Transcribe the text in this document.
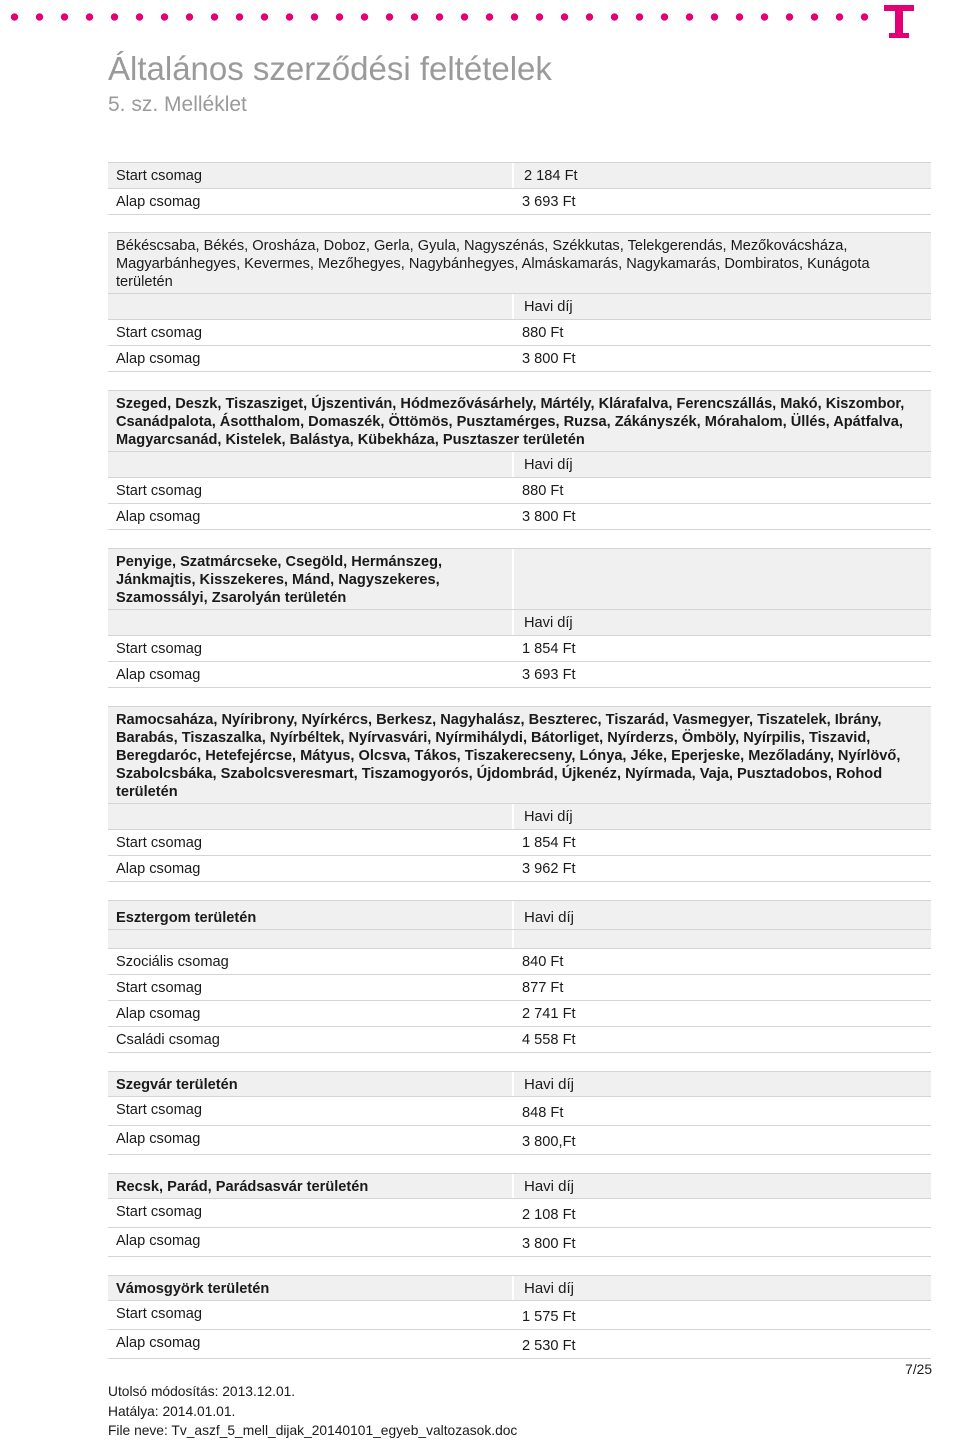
Általános szerződési feltételek
5. sz. Melléklet
Start csomag	2 184 Ft
Alap csomag	3 693 Ft
Békéscsaba, Békés, Orosháza, Doboz, Gerla, Gyula, Nagyszénás, Székkutas, Telekgerendás, Mezőkovácsháza, Magyarbánhegyes, Kevermes, Mezőhegyes, Nagybánhegyes, Almáskamarás, Nagykamarás, Dombiratos, Kunágota területén
Havi díj
Start csomag	880 Ft
Alap csomag	3 800 Ft
Szeged, Deszk, Tiszasziget, Újszentiván, Hódmezővásárhely, Mártély, Klárafalva, Ferencszállás, Makó, Kiszombor, Csanádpalota, Ásotthalom, Domaszék, Öttömös, Pusztamérges, Ruzsa, Zákányszék, Mórahalom, Üllés, Apátfalva, Magyarcsanád, Kistelek, Balástya, Kübekháza, Pusztaszer területén
Havi díj
Start csomag	880 Ft
Alap csomag	3 800 Ft
Penyige, Szatmárcseke, Csegöld, Hermánszeg, Jánkmajtis, Kisszekeres, Mánd, Nagyszekeres, Szamossályi, Zsarolyán területén
Havi díj
Start csomag	1 854 Ft
Alap csomag	3 693 Ft
Ramocsaháza, Nyíribrony, Nyírkércs, Berkesz, Nagyhalász, Beszterec, Tiszarád, Vasmegyer, Tiszatelek, Ibrány, Barabás, Tiszaszalka, Nyírbéltek, Nyírvasvári, Nyírmihálydi, Bátorliget, Nyírderzs, Ömböly, Nyírpilis, Tiszavid, Beregdaróc, Hetefejércse, Mátyus, Olcsva, Tákos, Tiszakerecseny, Lónya, Jéke, Eperjeske, Mezőladány, Nyírlövő, Szabolcsbáka, Szabolcsveresmart, Tiszamogyorós, Újdombrád, Újkenéz, Nyírmada, Vaja, Pusztadobos, Rohod területén
Havi díj
Start csomag	1 854 Ft
Alap csomag	3 962 Ft
Esztergom területén	Havi díj
Szociális csomag	840 Ft
Start csomag	877 Ft
Alap csomag	2 741 Ft
Családi csomag	4 558 Ft
Szegvár területén	Havi díj
Start csomag	848 Ft
Alap csomag	3 800,Ft
Recsk, Parád, Parádsasvár területén	Havi díj
Start csomag	2 108 Ft
Alap csomag	3 800 Ft
Vámosgyörk területén	Havi díj
Start csomag	1 575 Ft
Alap csomag	2 530 Ft
7/25
Utolsó módosítás: 2013.12.01.
Hatálya: 2014.01.01.
File neve: Tv_aszf_5_mell_dijak_20140101_egyeb_valtozasok.doc
